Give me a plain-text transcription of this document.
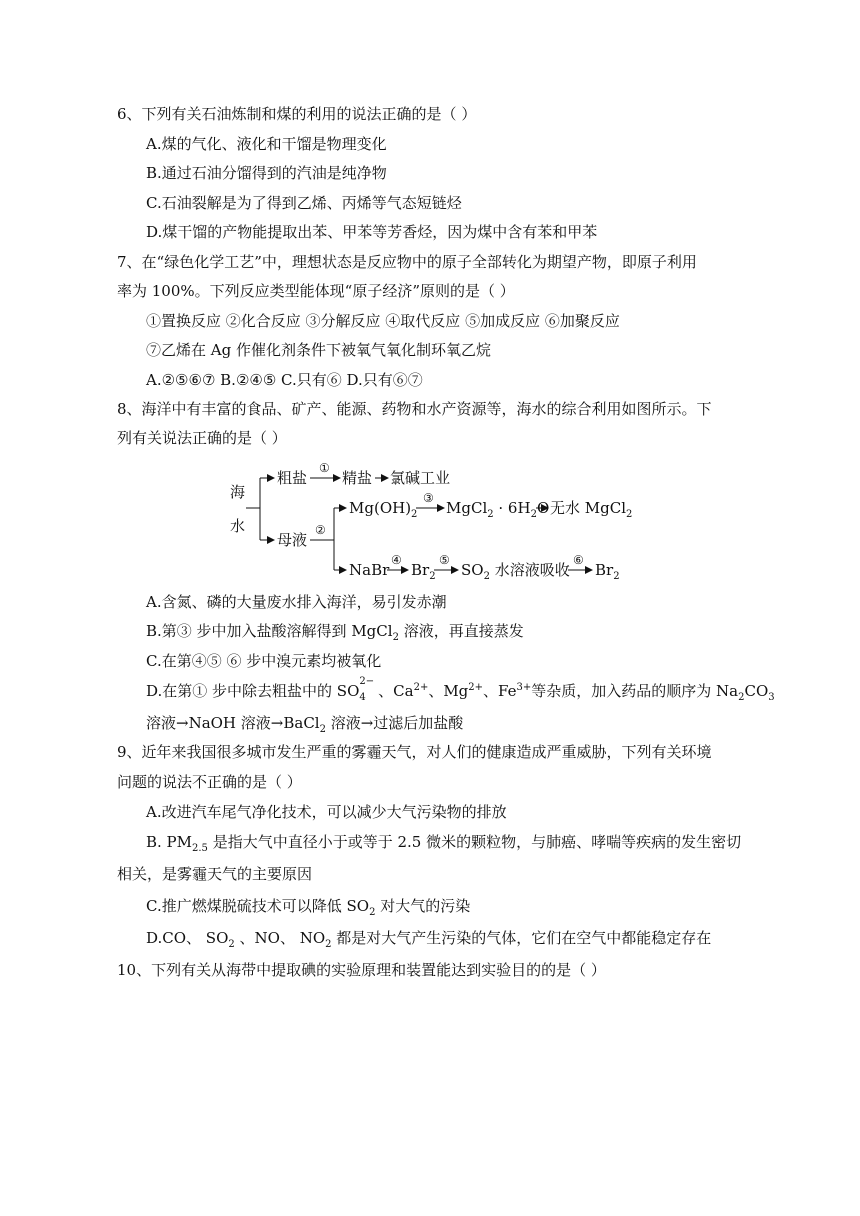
6、下列有关石油炼制和煤的利用的说法正确的是（ ）
A.煤的气化、液化和干馏是物理变化
B.通过石油分馏得到的汽油是纯净物
C.石油裂解是为了得到乙烯、丙烯等气态短链烃
D.煤干馏的产物能提取出苯、甲苯等芳香烃，因为煤中含有苯和甲苯
7、在“绿色化学工艺”中，理想状态是反应物中的原子全部转化为期望产物，即原子利用
率为 100%。下列反应类型能体现“原子经济”原则的是（ ）
①置换反应 ②化合反应 ③分解反应 ④取代反应 ⑤加成反应 ⑥加聚反应
⑦乙烯在 Ag 作催化剂条件下被氧气氧化制环氧乙烷
A.②⑤⑥⑦ B.②④⑤ C.只有⑥ D.只有⑥⑦
8、海洋中有丰富的食品、矿产、能源、药物和水产资源等，海水的综合利用如图所示。下
列有关说法正确的是（ ）
海
水
粗盐
①
精盐 氯碱工业
母液
②
$Mg(OH)_2$
③
MgCl$_2$ · $6H_2O$ 无水 MgCl$_2$
NaBr
④
$Br_2$
⑤
$SO_2$ 水溶液吸收
⑥
$Br_2$
A.含氮、磷的大量废水排入海洋，易引发赤潮
B.第③ 步中加入盐酸溶解得到 MgCl$_2$ 溶液，再直接蒸发
C.在第④⑤ ⑥ 步中溴元素均被氧化
D.在第① 步中除去粗盐中的 SO
2−
4 、$Ca^{2+}$、$Mg^{2+}$、$Fe^{3+}$等杂质，加入药品的顺序为 $Na_2CO_3$
溶液→NaOH 溶液→BaCl$_2$ 溶液→过滤后加盐酸
9、近年来我国很多城市发生严重的雾霾天气，对人们的健康造成严重威胁，下列有关环境
问题的说法不正确的是（ ）
A.改进汽车尾气净化技术，可以减少大气污染物的排放
B. $PM_{2.5}$ 是指大气中直径小于或等于 2.5 微米的颗粒物，与肺癌、哮喘等疾病的发生密切
相关，是雾霾天气的主要原因
C.推广燃煤脱硫技术可以降低 $SO_2$ 对大气的污染
D.CO、 $SO_2$ 、NO、 $NO_2$ 都是对大气产生污染的气体，它们在空气中都能稳定存在
10、下列有关从海带中提取碘的实验原理和装置能达到实验目的的是（ ）
